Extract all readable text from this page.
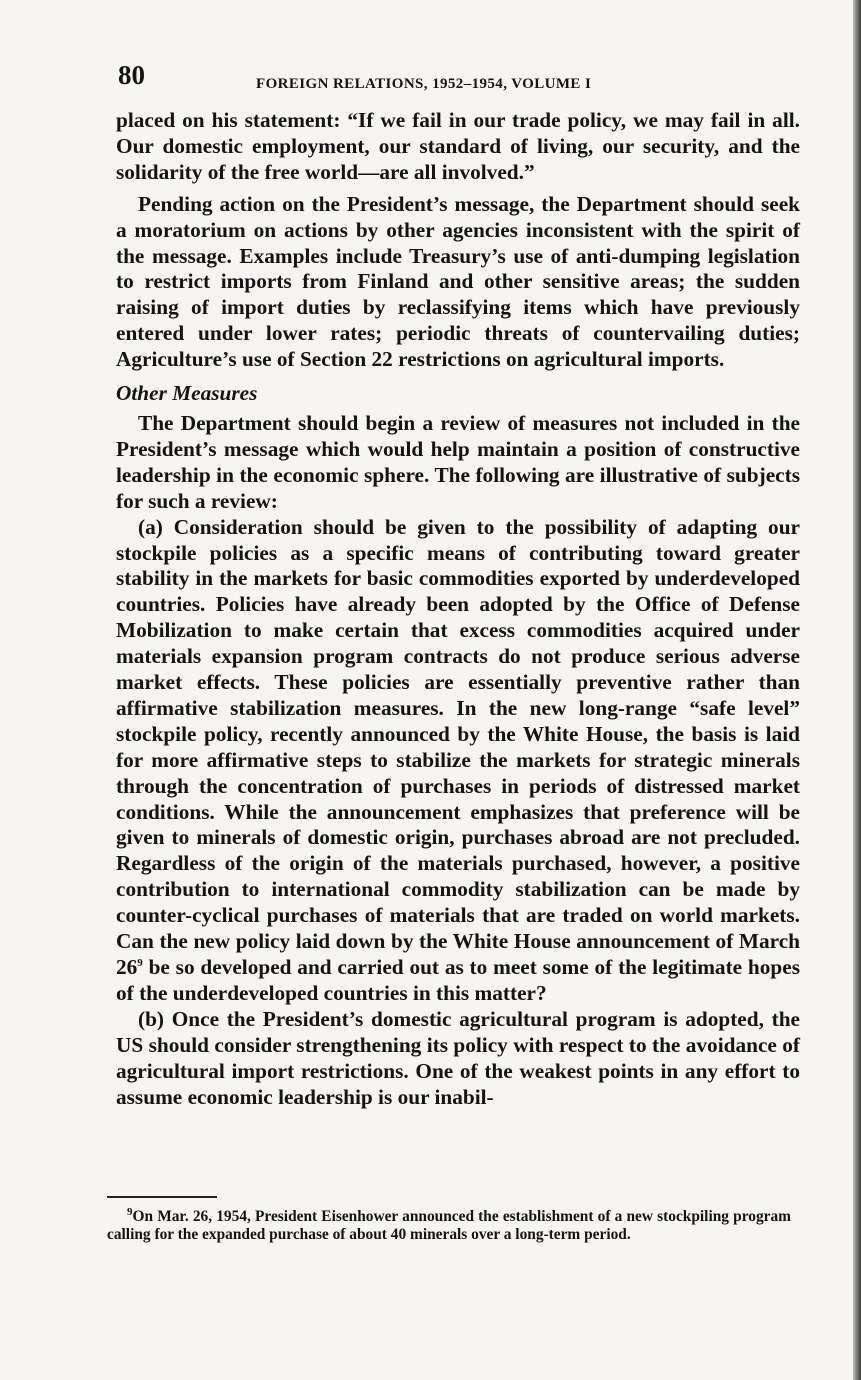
80	FOREIGN RELATIONS, 1952–1954, VOLUME I

placed on his statement: “If we fail in our trade policy, we may fail in all. Our domestic employment, our standard of living, our security, and the solidarity of the free world—are all involved.”

Pending action on the President’s message, the Department should seek a moratorium on actions by other agencies inconsistent with the spirit of the message. Examples include Treasury’s use of anti-dumping legislation to restrict imports from Finland and other sensitive areas; the sudden raising of import duties by reclassifying items which have previously entered under lower rates; periodic threats of countervailing duties; Agriculture’s use of Section 22 restrictions on agricultural imports.

Other Measures

The Department should begin a review of measures not included in the President’s message which would help maintain a position of constructive leadership in the economic sphere. The following are illustrative of subjects for such a review:

(a) Consideration should be given to the possibility of adapting our stockpile policies as a specific means of contributing toward greater stability in the markets for basic commodities exported by underdeveloped countries. Policies have already been adopted by the Office of Defense Mobilization to make certain that excess commodities acquired under materials expansion program contracts do not produce serious adverse market effects. These policies are essentially preventive rather than affirmative stabilization measures. In the new long-range “safe level” stockpile policy, recently announced by the White House, the basis is laid for more affirmative steps to stabilize the markets for strategic minerals through the concentration of purchases in periods of distressed market conditions. While the announcement emphasizes that preference will be given to minerals of domestic origin, purchases abroad are not precluded. Regardless of the origin of the materials purchased, however, a positive contribution to international commodity stabilization can be made by counter-cyclical purchases of materials that are traded on world markets. Can the new policy laid down by the White House announcement of March $26^9$ be so developed and carried out as to meet some of the legitimate hopes of the underdeveloped countries in this matter?

(b) Once the President’s domestic agricultural program is adopted, the US should consider strengthening its policy with respect to the avoidance of agricultural import restrictions. One of the weakest points in any effort to assume economic leadership is our inabil-

$^9$On Mar. 26, 1954, President Eisenhower announced the establishment of a new stockpiling program calling for the expanded purchase of about 40 minerals over a long-term period.
